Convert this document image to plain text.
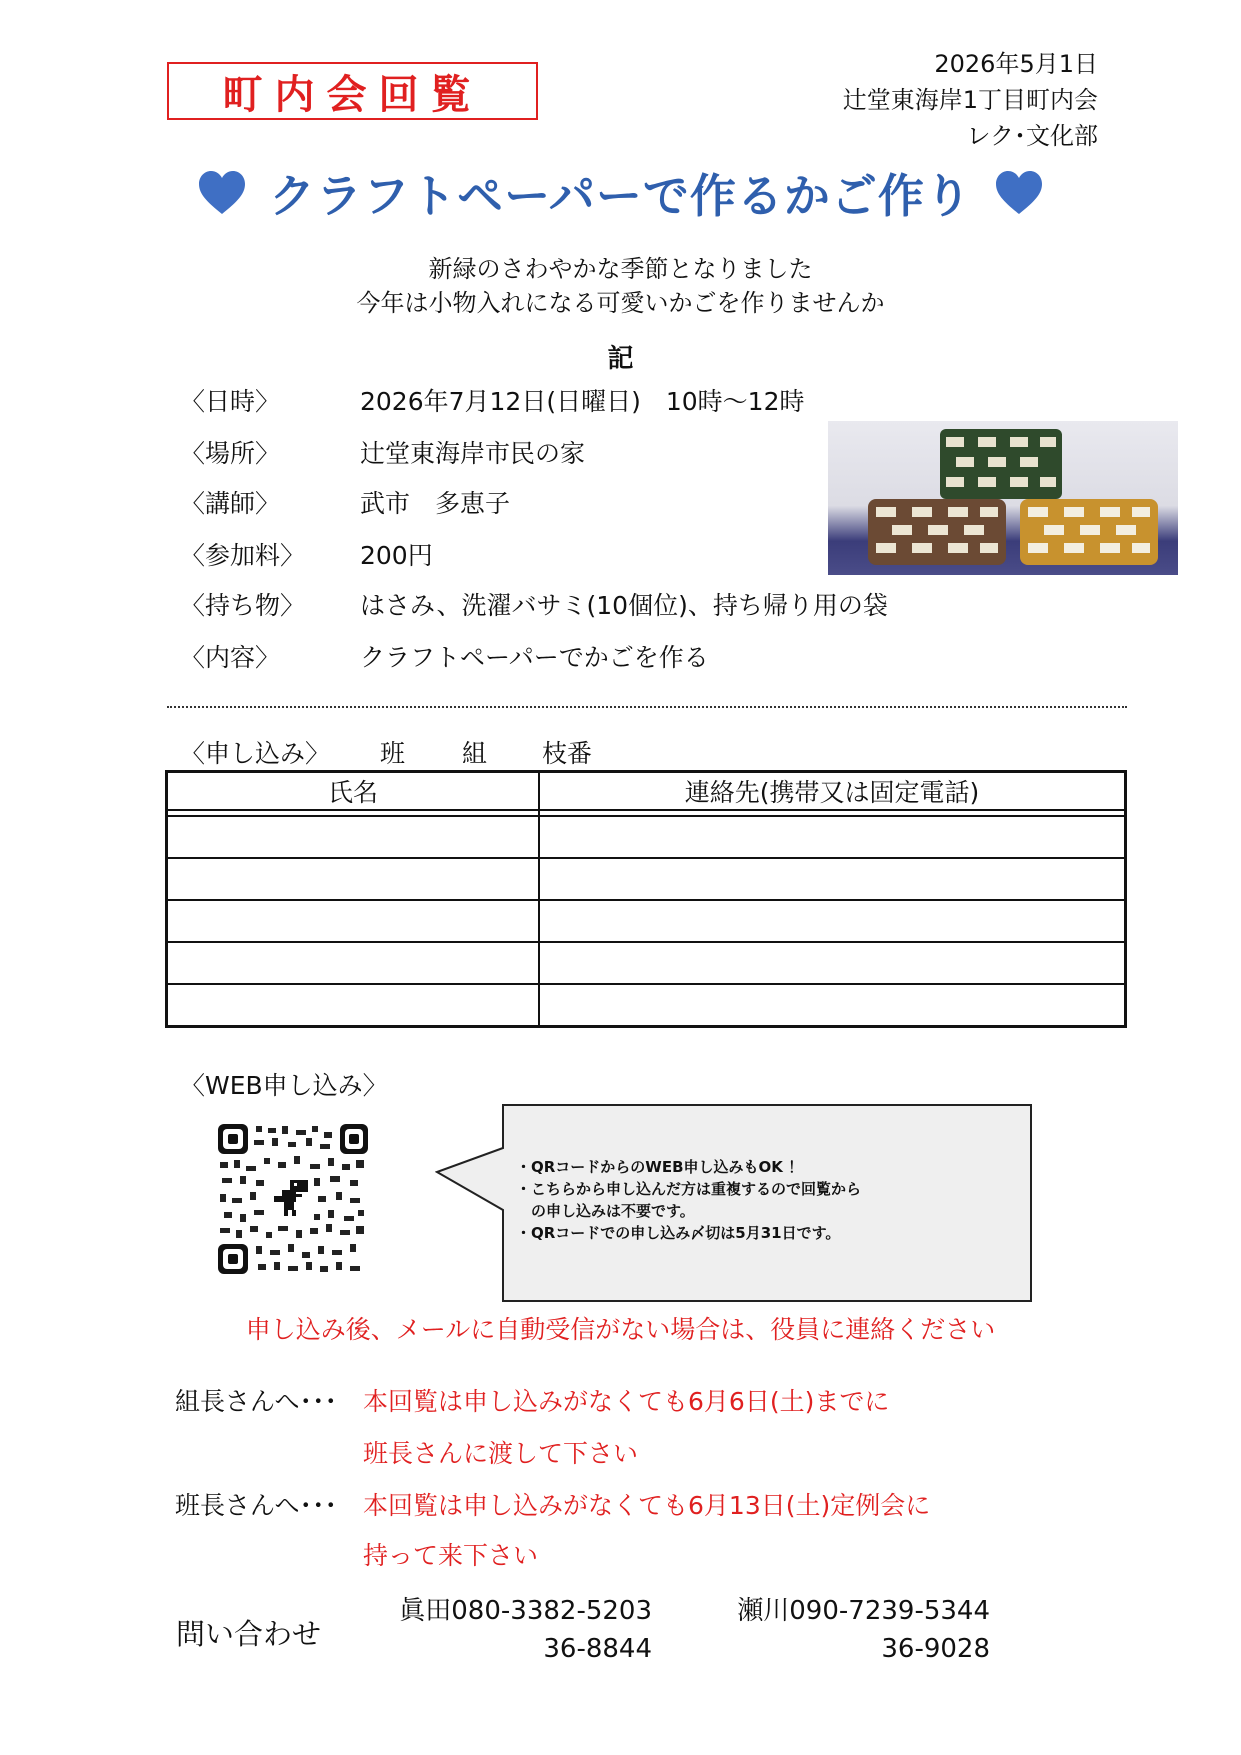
町内会回覧
2026年5月1日
辻堂東海岸1丁目町内会
レク･文化部
クラフトペーパーで作るかご作り
新緑のさわやかな季節となりました
今年は小物入れになる可愛いかごを作りませんか
記
〈日時〉	2026年7月12日(日曜日)　10時～12時
〈場所〉	辻堂東海岸市民の家
〈講師〉	武市　多恵子
〈参加料〉	200円
〈持ち物〉	はさみ、洗濯バサミ(10個位)、持ち帰り用の袋
〈内容〉	クラフトペーパーでかごを作る
〈申し込み〉	班	組	枝番
氏名	連絡先(携帯又は固定電話)

〈WEB申し込み〉
・QRコードからのWEB申し込みもOK ！
・こちらから申し込んだ方は重複するので回覧から
　の申し込みは不要です。
・QRコードでの申し込み〆切は5月31日です。
申し込み後、メールに自動受信がない場合は、役員に連絡ください
組長さんへ･･･ 本回覧は申し込みがなくても6月6日(土)までに
班長さんに渡して下さい
班長さんへ･･･ 本回覧は申し込みがなくても6月13日(土)定例会に
持って来下さい
問い合わせ
眞田080-3382-5203
36-8844
瀬川090-7239-5344
36-9028
